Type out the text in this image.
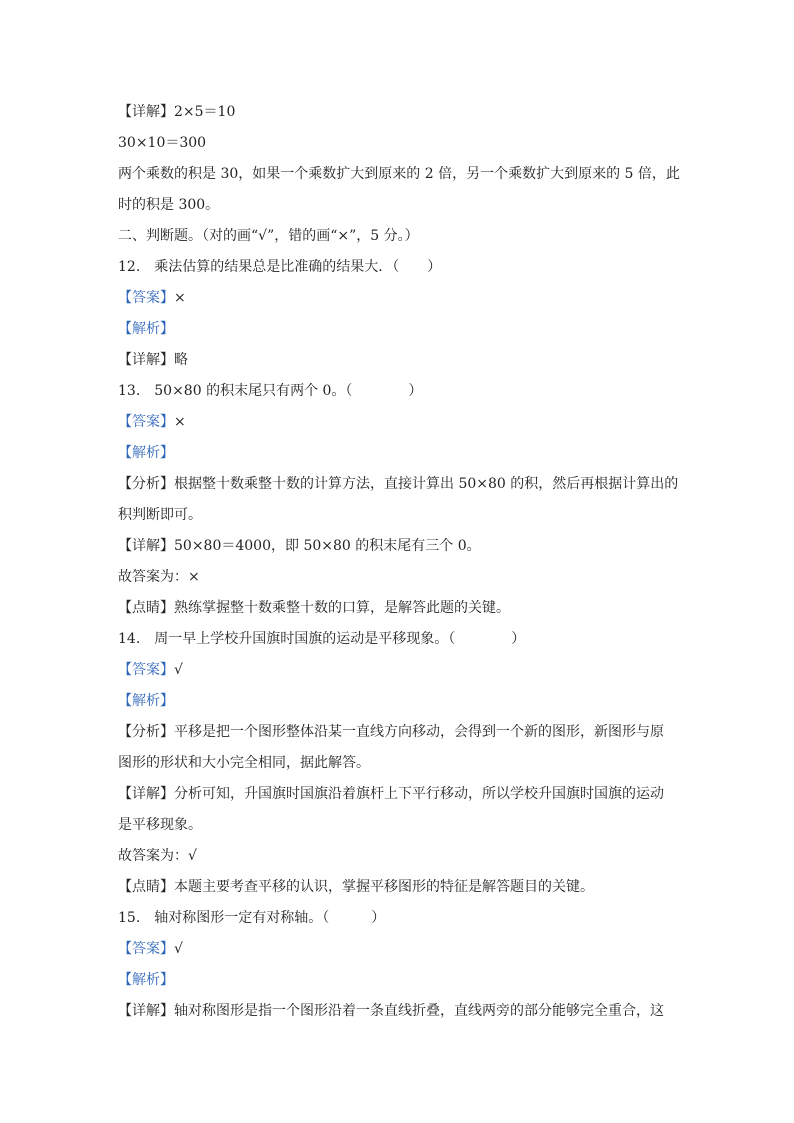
【详解】2×5＝10
30×10＝300
两个乘数的积是 30，如果一个乘数扩大到原来的 2 倍，另一个乘数扩大到原来的 5 倍，此
时的积是 300。
二、判断题。（对的画“√”，错的画“×”，5 分。）
12.　乘法估算的结果总是比准确的结果大．（　　）
【答案】×
【解析】
【详解】略
13.　50×80 的积末尾只有两个 0。（　　　　）
【答案】×
【解析】
【分析】根据整十数乘整十数的计算方法，直接计算出 50×80 的积，然后再根据计算出的
积判断即可。
【详解】50×80＝4000，即 50×80 的积末尾有三个 0。
故答案为：×
【点睛】熟练掌握整十数乘整十数的口算，是解答此题的关键。
14.　周一早上学校升国旗时国旗的运动是平移现象。（　　　　）
【答案】√
【解析】
【分析】平移是把一个图形整体沿某一直线方向移动，会得到一个新的图形，新图形与原
图形的形状和大小完全相同，据此解答。
【详解】分析可知，升国旗时国旗沿着旗杆上下平行移动，所以学校升国旗时国旗的运动
是平移现象。
故答案为：√
【点睛】本题主要考查平移的认识，掌握平移图形的特征是解答题目的关键。
15.　轴对称图形一定有对称轴。（　　　）
【答案】√
【解析】
【详解】轴对称图形是指一个图形沿着一条直线折叠，直线两旁的部分能够完全重合，这
